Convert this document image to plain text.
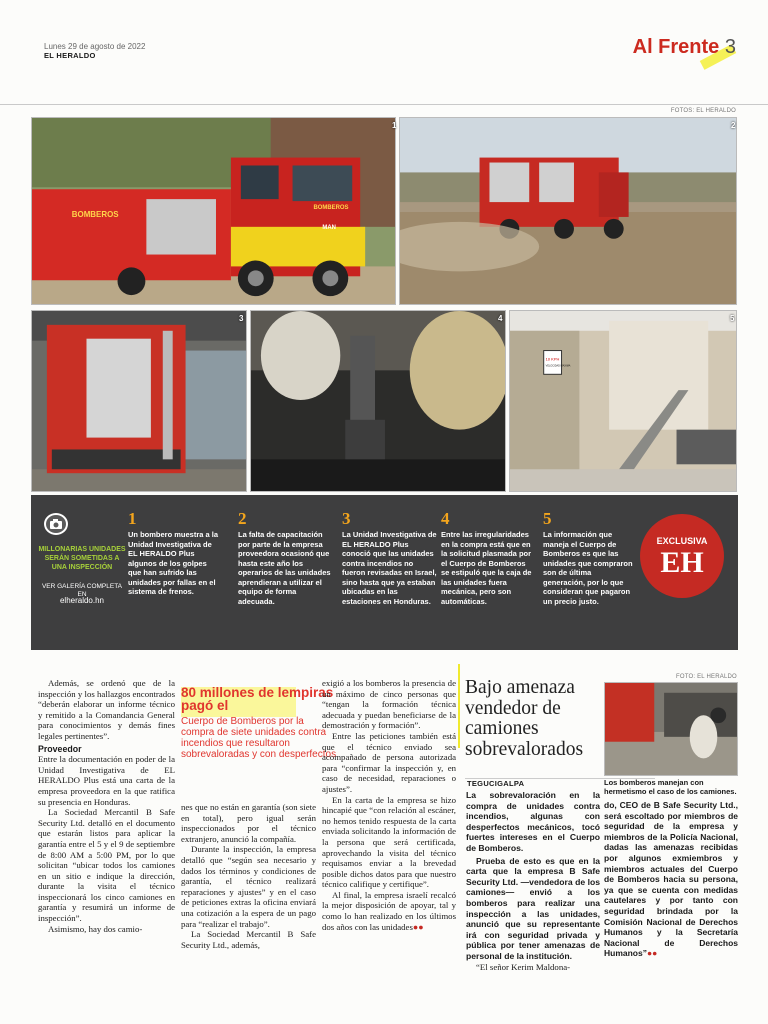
Lunes 29 de agosto de 2022
EL HERALDO	Al Frente 3
FOTOS: EL HERALDO
BOMBEROS
BOMBEROS
MAN
1	2
3	4
10 KPH
VELOCIDAD MAXIMA
5
MILLONARIAS UNIDADES SERÁN SOMETIDAS A UNA INSPECCIÓN
VER GALERÍA COMPLETA EN
elheraldo.hn
1
Un bombero muestra a la Unidad Investigativa de EL HERALDO Plus algunos de los golpes que han sufrido las unidades por fallas en el sistema de frenos.
2
La falta de capacitación por parte de la empresa proveedora ocasionó que hasta este año los operarios de las unidades aprendieran a utilizar el equipo de forma adecuada.
3
La Unidad Investigativa de EL HERALDO Plus conoció que las unidades contra incendios no fueron revisadas en Israel, sino hasta que ya estaban ubicadas en las estaciones en Honduras.
4
Entre las irregularidades en la compra está que en la solicitud plasmada por el Cuerpo de Bomberos se estipuló que la caja de las unidades fuera mecánica, pero son automáticas.
5
La información que maneja el Cuerpo de Bomberos es que las unidades que compraron son de última generación, por lo que consideran que pagaron un precio justo.
EXCLUSIVA
EH

Además, se ordenó que de la inspección y los hallazgos encontrados “deberán elaborar un informe técnico y remitido a la Comandancia General para conocimientos y demás fines legales pertinentes”.

Proveedor

Entre la documentación en poder de la Unidad Investigativa de EL HERALDO Plus está una carta de la empresa proveedora en la que ratifica su presencia en Honduras.

La Sociedad Mercantil B Safe Security Ltd. detalló en el documento que estarán listos para aplicar la garantía entre el 5 y el 9 de septiembre de 8:00 AM a 5:00 PM, por lo que solicitan “ubicar todos los camiones en un sitio e indique la dirección, durante la visita el técnico inspeccionará los cinco camiones en garantía y resumirá un informe de inspección”.

Asimismo, hay dos camio-

80 millones de lempiras pagó el
Cuerpo de Bomberos por la compra de siete unidades contra incendios que resultaron sobrevaloradas y con desperfectos

nes que no están en garantía (son siete en total), pero igual serán inspeccionados por el técnico extranjero, anunció la compañía.

Durante la inspección, la empresa detalló que “según sea necesario y dados los términos y condiciones de garantía, el técnico realizará reparaciones y ajustes” y en el caso de peticiones extras la oficina enviará una cotización a la espera de un pago para “realizar el trabajo”.

La Sociedad Mercantil B Safe Security Ltd., además,

exigió a los bomberos la presencia de un máximo de cinco personas que “tengan la formación técnica adecuada y puedan beneficiarse de la demostración y formación”.

Entre las peticiones también está que el técnico enviado sea acompañado de persona autorizada para “confirmar la inspección y, en caso de necesidad, reparaciones o ajustes”.

En la carta de la empresa se hizo hincapié que “con relación al escáner, no hemos tenido respuesta de la carta enviada solicitando la información de la persona que será certificada, aprovechando la visita del técnico requisamos enviar a la brevedad posible dichos datos para que nuestro técnico califique y certifique”.

Al final, la empresa israelí recalcó la mejor disposición de apoyar, tal y como lo han realizado en los últimos dos años con las unidades●●

Bajo amenaza vendedor de camiones sobrevalorados
TEGUCIGALPA

La sobrevaloración en la compra de unidades contra incendios, algunas con desperfectos mecánicos, tocó fuertes intereses en el Cuerpo de Bomberos.

Prueba de esto es que en la carta que la empresa B Safe Security Ltd. —vendedora de los camiones— envió a los bomberos para realizar una inspección a las unidades, anunció que su representante irá con seguridad privada y pública por tener amenazas de personal de la institución.

“El señor Kerim Maldona-

FOTO: EL HERALDO
Los bomberos manejan con hermetismo el caso de los camiones.

do, CEO de B Safe Security Ltd., será escoltado por miembros de seguridad de la empresa y miembros de la Policía Nacional, dadas las amenazas recibidas por algunos exmiembros y miembros actuales del Cuerpo de Bomberos hacia su persona, ya que se cuenta con medidas cautelares y por tanto con seguridad brindada por la Comisión Nacional de Derechos Humanos y la Secretaría Nacional de Derechos Humanos”●●
